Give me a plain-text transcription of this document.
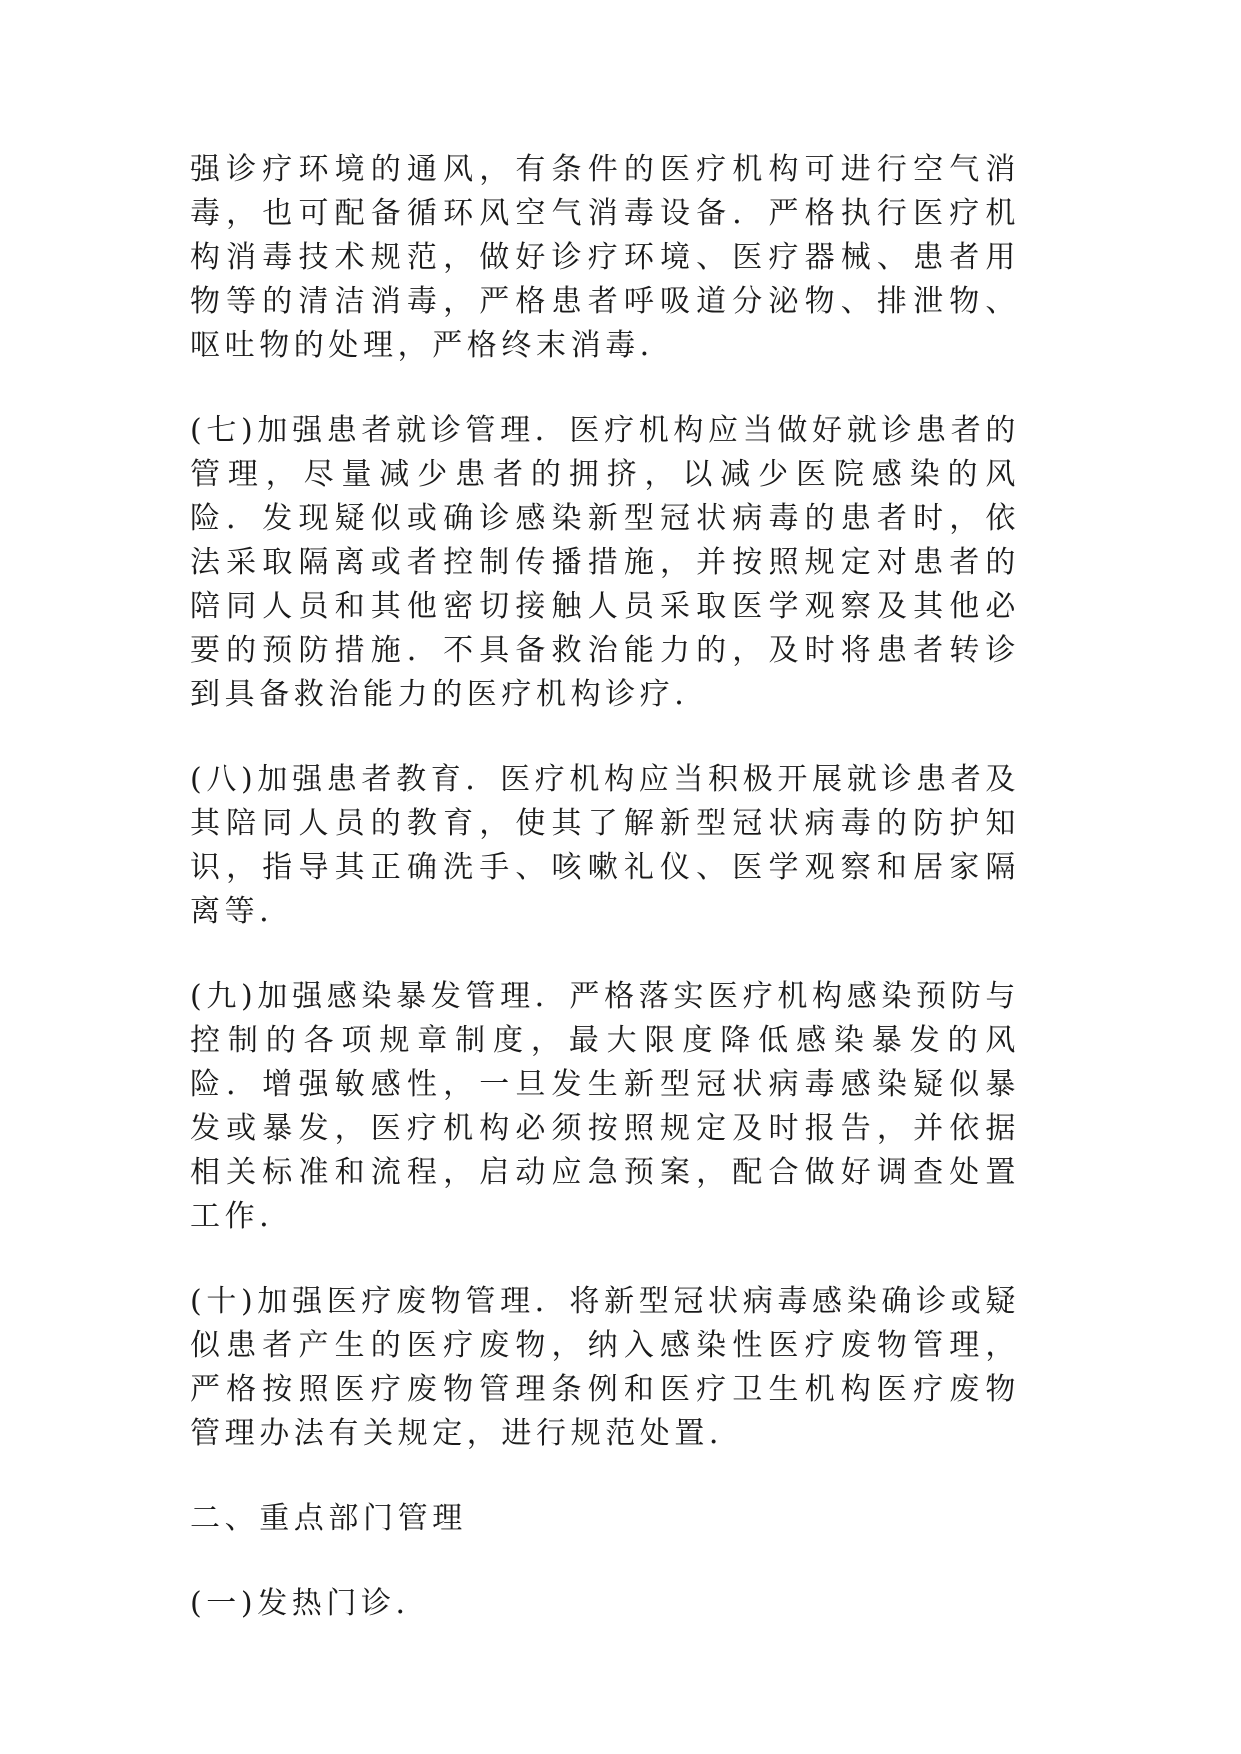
强诊疗环境的通风，有条件的医疗机构可进行空气消毒，也可配备循环风空气消毒设备．严格执行医疗机构消毒技术规范，做好诊疗环境、医疗器械、患者用物等的清洁消毒，严格患者呼吸道分泌物、排泄物、呕吐物的处理，严格终末消毒．

(七)加强患者就诊管理．医疗机构应当做好就诊患者的管理，尽量减少患者的拥挤，以减少医院感染的风险．发现疑似或确诊感染新型冠状病毒的患者时，依法采取隔离或者控制传播措施，并按照规定对患者的陪同人员和其他密切接触人员采取医学观察及其他必要的预防措施．不具备救治能力的，及时将患者转诊到具备救治能力的医疗机构诊疗．

(八)加强患者教育．医疗机构应当积极开展就诊患者及其陪同人员的教育，使其了解新型冠状病毒的防护知识，指导其正确洗手、咳嗽礼仪、医学观察和居家隔离等．

(九)加强感染暴发管理．严格落实医疗机构感染预防与控制的各项规章制度，最大限度降低感染暴发的风险．增强敏感性，一旦发生新型冠状病毒感染疑似暴发或暴发，医疗机构必须按照规定及时报告，并依据相关标准和流程，启动应急预案，配合做好调查处置工作．

(十)加强医疗废物管理．将新型冠状病毒感染确诊或疑似患者产生的医疗废物，纳入感染性医疗废物管理，严格按照医疗废物管理条例和医疗卫生机构医疗废物管理办法有关规定，进行规范处置．

二、重点部门管理

(一)发热门诊．
